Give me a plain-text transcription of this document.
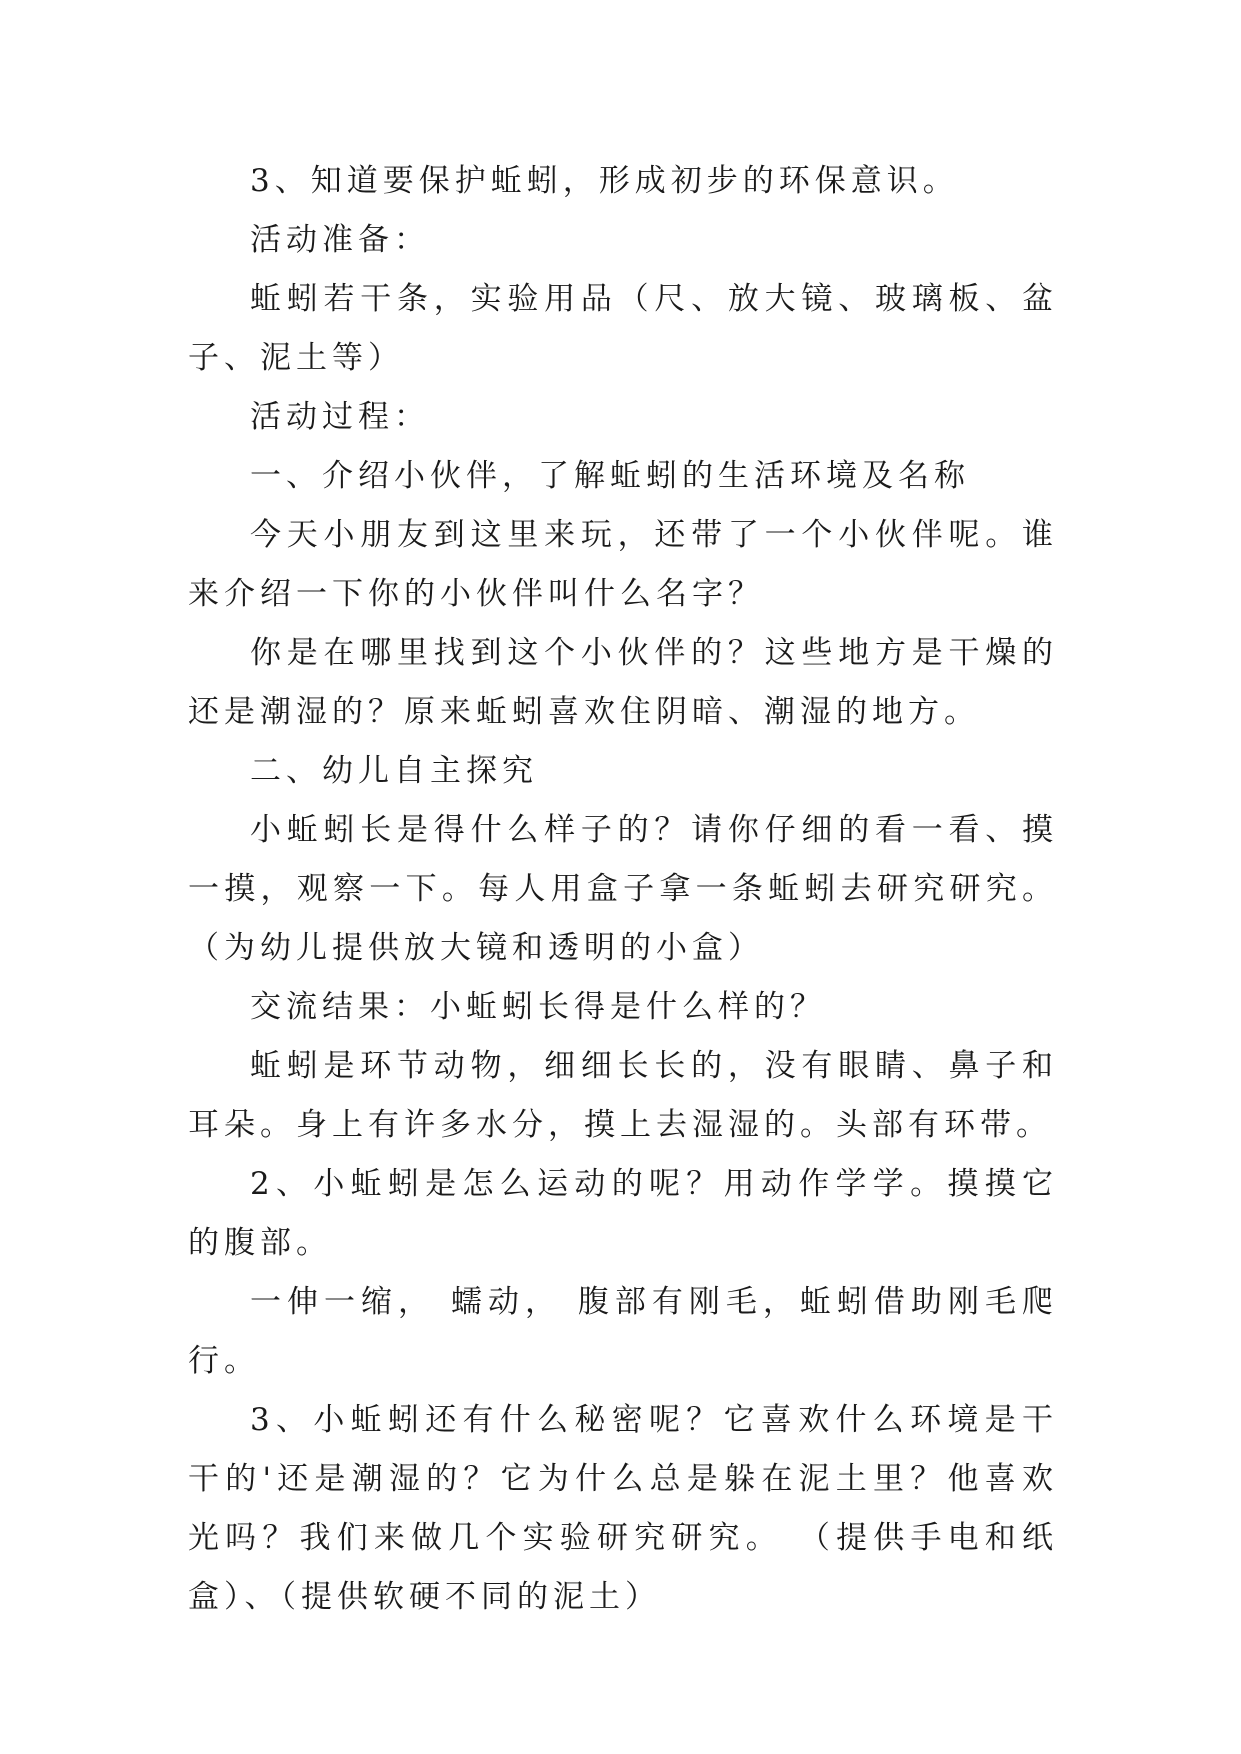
3、知道要保护蚯蚓，形成初步的环保意识。

活动准备：

蚯蚓若干条，实验用品（尺、放大镜、玻璃板、盆子、泥土等）

活动过程：

一、介绍小伙伴，了解蚯蚓的生活环境及名称

今天小朋友到这里来玩，还带了一个小伙伴呢。谁来介绍一下你的小伙伴叫什么名字？

你是在哪里找到这个小伙伴的？这些地方是干燥的还是潮湿的？原来蚯蚓喜欢住阴暗、潮湿的地方。

二、幼儿自主探究

小蚯蚓长是得什么样子的？请你仔细的看一看、摸一摸，观察一下。每人用盒子拿一条蚯蚓去研究研究。（为幼儿提供放大镜和透明的小盒）

交流结果：小蚯蚓长得是什么样的？

蚯蚓是环节动物，细细长长的，没有眼睛、鼻子和耳朵。身上有许多水分，摸上去湿湿的。头部有环带。

2、小蚯蚓是怎么运动的呢？用动作学学。摸摸它的腹部。

一伸一缩， 蠕动， 腹部有刚毛，蚯蚓借助刚毛爬行。

3、小蚯蚓还有什么秘密呢？它喜欢什么环境是干干的'还是潮湿的？它为什么总是躲在泥土里？他喜欢光吗？我们来做几个实验研究研究。 （提供手电和纸盒）、（提供软硬不同的泥土）
